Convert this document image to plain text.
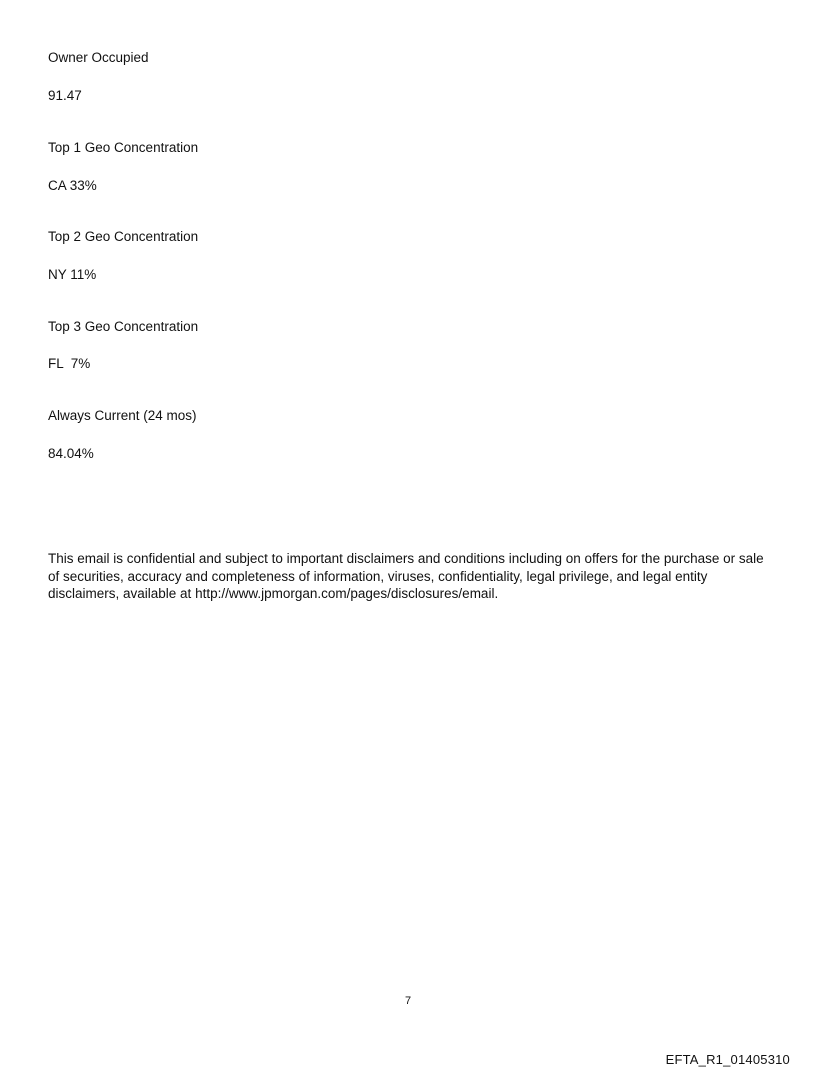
Owner Occupied
91.47
Top 1 Geo Concentration
CA 33%
Top 2 Geo Concentration
NY 11%
Top 3 Geo Concentration
FL  7%
Always Current (24 mos)
84.04%
This email is confidential and subject to important disclaimers and conditions including on offers for the purchase or sale of securities, accuracy and completeness of information, viruses, confidentiality, legal privilege, and legal entity disclaimers, available at http://www.jpmorgan.com/pages/disclosures/email.
7
EFTA_R1_01405310
